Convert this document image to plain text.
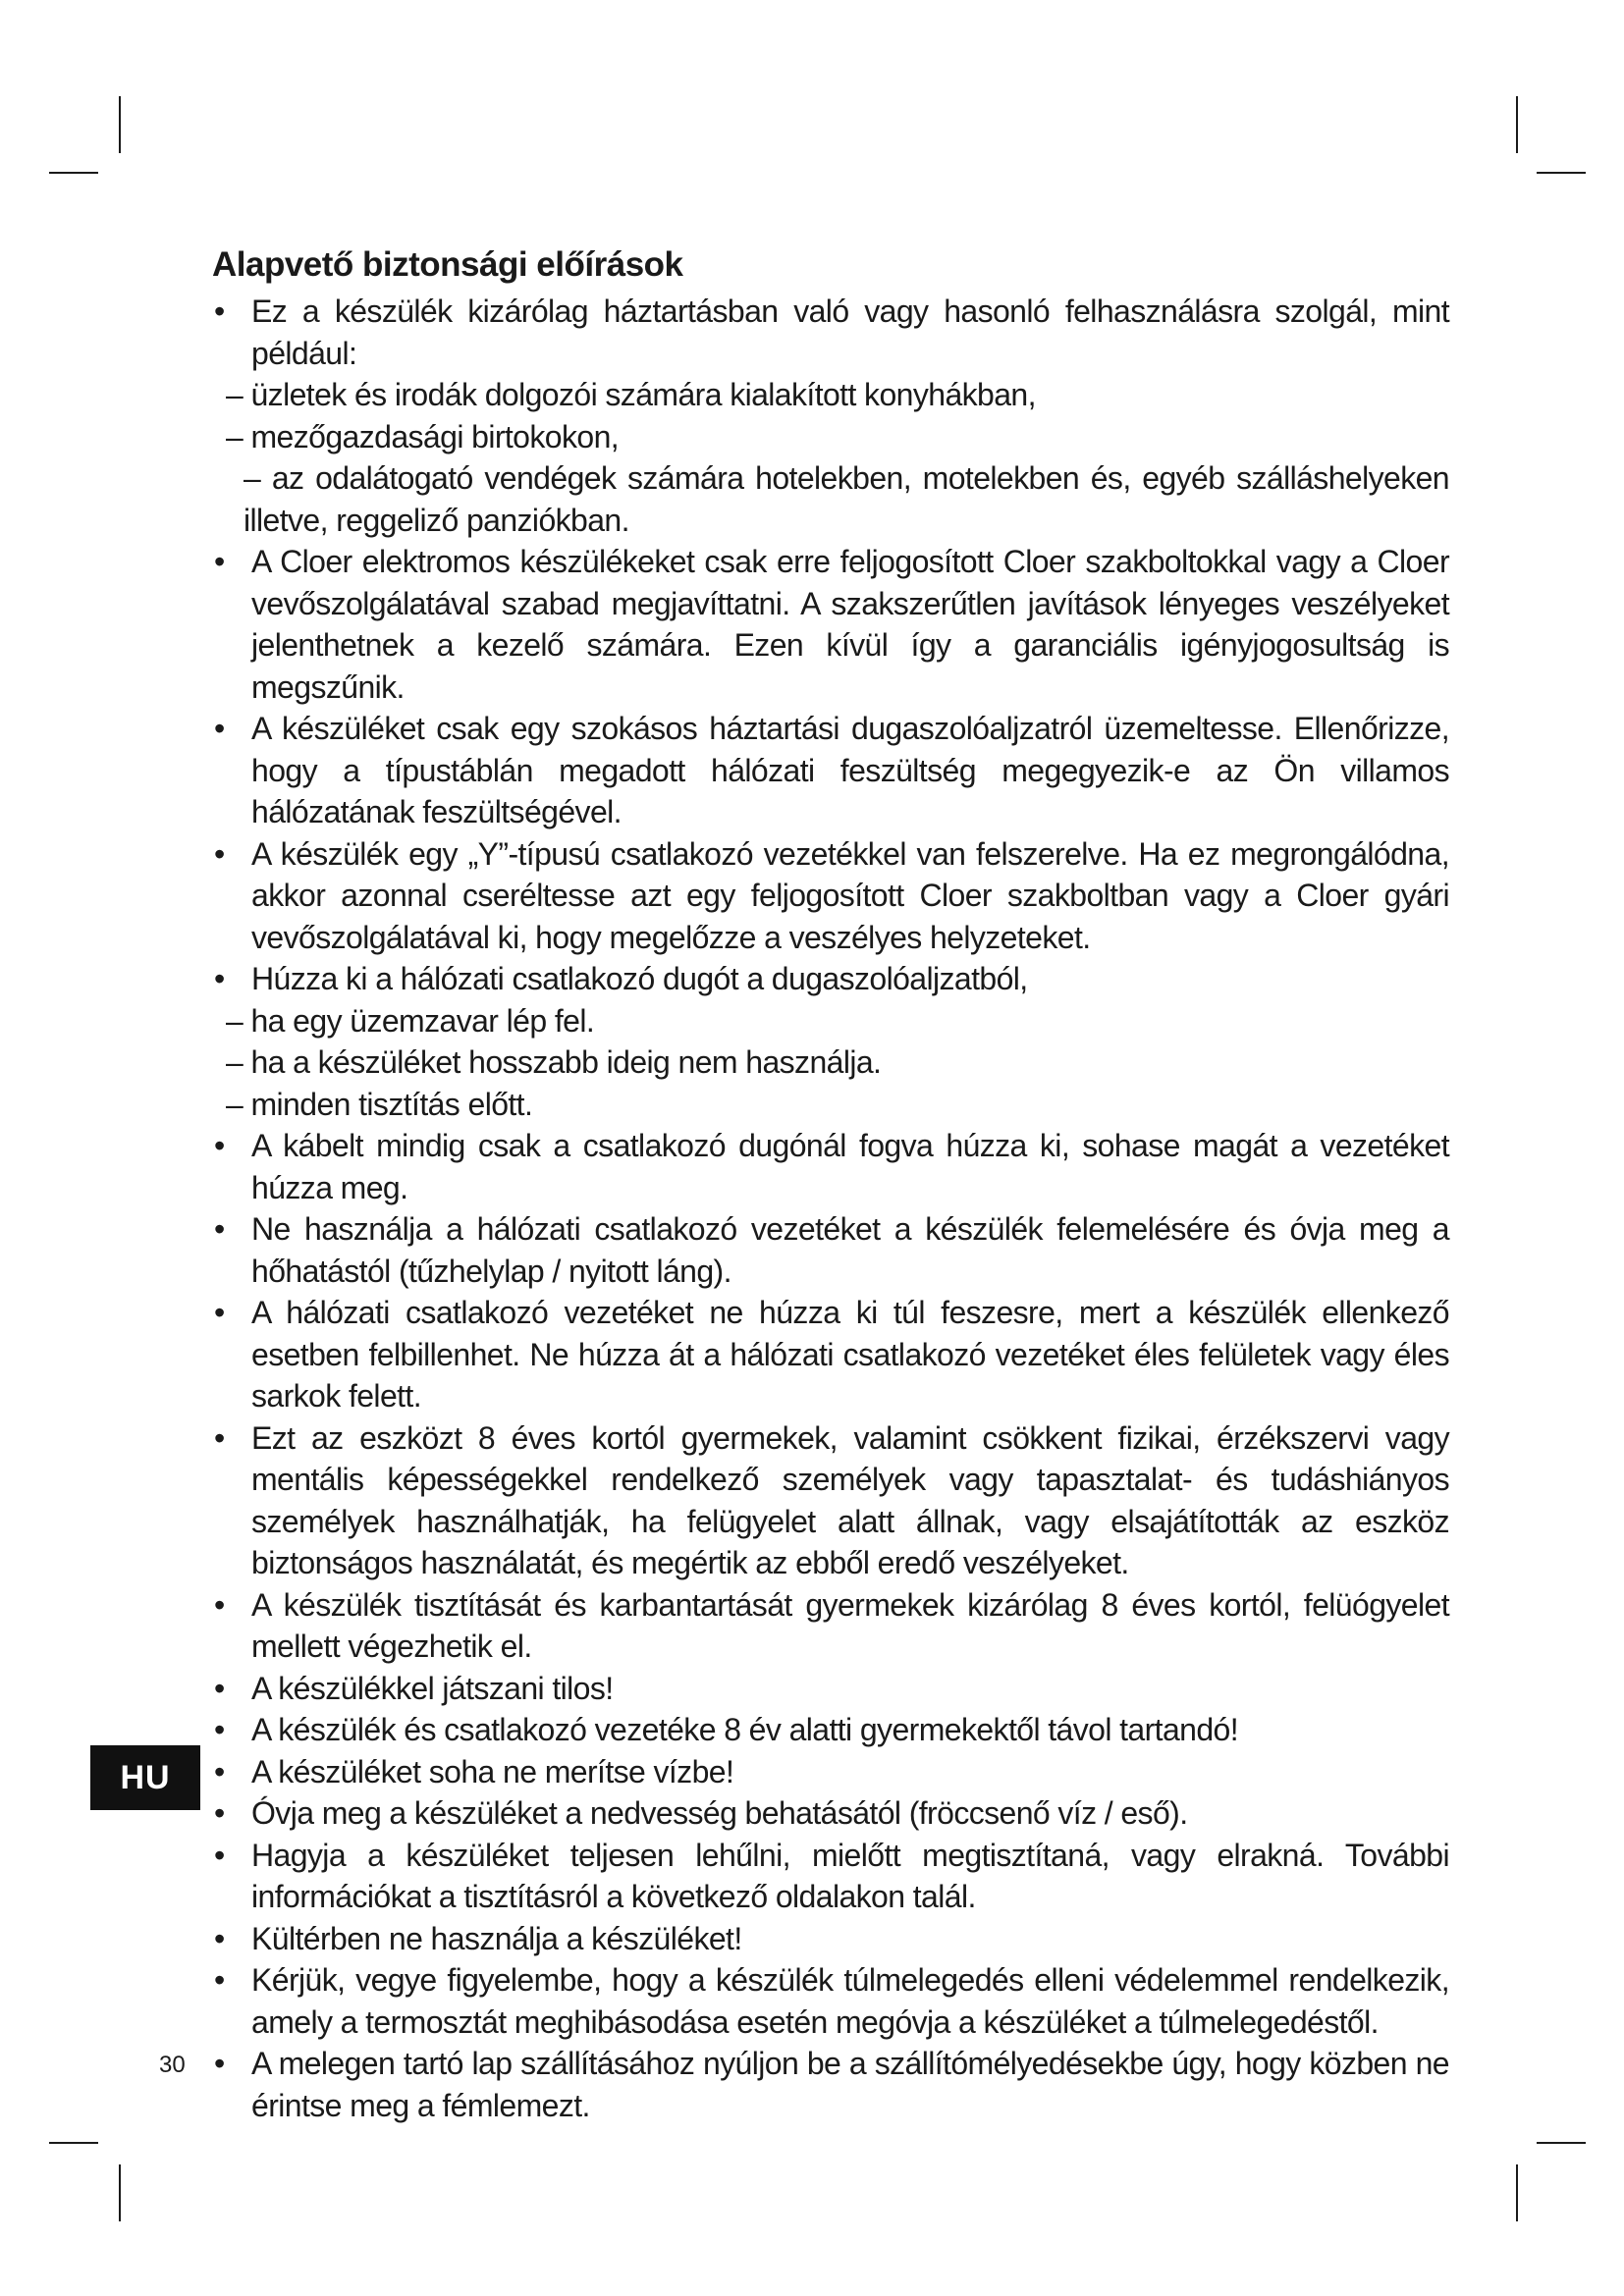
Alapvető biztonsági előírások
• Ez a készülék kizárólag háztartásban való vagy hasonló felhasználásra szolgál, mint például:
– üzletek és irodák dolgozói számára kialakított konyhákban,
– mezőgazdasági birtokokon,
– az odalátogató vendégek számára hotelekben, motelekben és, egyéb szálláshelyeken illetve, reggeliző panziókban.
• A Cloer elektromos készülékeket csak erre feljogosított Cloer szakboltokkal vagy a Cloer vevőszolgálatával szabad megjavíttatni. A szakszerűtlen javítások lényeges veszélyeket jelenthetnek a kezelő számára. Ezen kívül így a garanciális igényjogosultság is megszűnik.
• A készüléket csak egy szokásos háztartási dugaszolóaljzatról üzemeltesse. Ellenőrizze, hogy a típustáblán megadott hálózati feszültség megegyezik-e az Ön villamos hálózatának feszültségével.
• A készülék egy „Y”-típusú csatlakozó vezetékkel van felszerelve. Ha ez megrongálódna, akkor azonnal cseréltesse azt egy feljogosított Cloer szakboltban vagy a Cloer gyári vevőszolgálatával ki, hogy megelőzze a veszélyes helyzeteket.
• Húzza ki a hálózati csatlakozó dugót a dugaszolóaljzatból,
– ha egy üzemzavar lép fel.
– ha a készüléket hosszabb ideig nem használja.
– minden tisztítás előtt.
• A kábelt mindig csak a csatlakozó dugónál fogva húzza ki, sohase magát a vezetéket húzza meg.
• Ne használja a hálózati csatlakozó vezetéket a készülék felemelésére és óvja meg a hőhatástól (tűzhelylap / nyitott láng).
• A hálózati csatlakozó vezetéket ne húzza ki túl feszesre, mert a készülék ellenkező esetben felbillenhet. Ne húzza át a hálózati csatlakozó vezetéket éles felületek vagy éles sarkok felett.
• Ezt az eszközt 8 éves kortól gyermekek, valamint csökkent fizikai, érzékszervi vagy mentális képességekkel rendelkező személyek vagy tapasztalat- és tudáshiányos személyek használhatják, ha felügyelet alatt állnak, vagy elsajátították az eszköz biztonságos használatát, és megértik az ebből eredő veszélyeket.
• A készülék tisztítását és karbantartását gyermekek kizárólag 8 éves kortól, felüógyelet mellett végezhetik el.
• A készülékkel játszani tilos!
• A készülék és csatlakozó vezetéke 8 év alatti gyermekektől távol tartandó!
• A készüléket soha ne merítse vízbe!
• Óvja meg a készüléket a nedvesség behatásától (fröccsenő víz / eső).
• Hagyja a készüléket teljesen lehűlni, mielőtt megtisztítaná, vagy elrakná. További információkat a tisztításról a következő oldalakon talál.
• Kültérben ne használja a készüléket!
• Kérjük, vegye figyelembe, hogy a készülék túlmelegedés elleni védelemmel rendelkezik, amely a termosztát meghibásodása esetén megóvja a készüléket a túlmelegedéstől.
• A melegen tartó lap szállításához nyúljon be a szállítómélyedésekbe úgy, hogy közben ne érintse meg a fémlemezt.
HU
30
